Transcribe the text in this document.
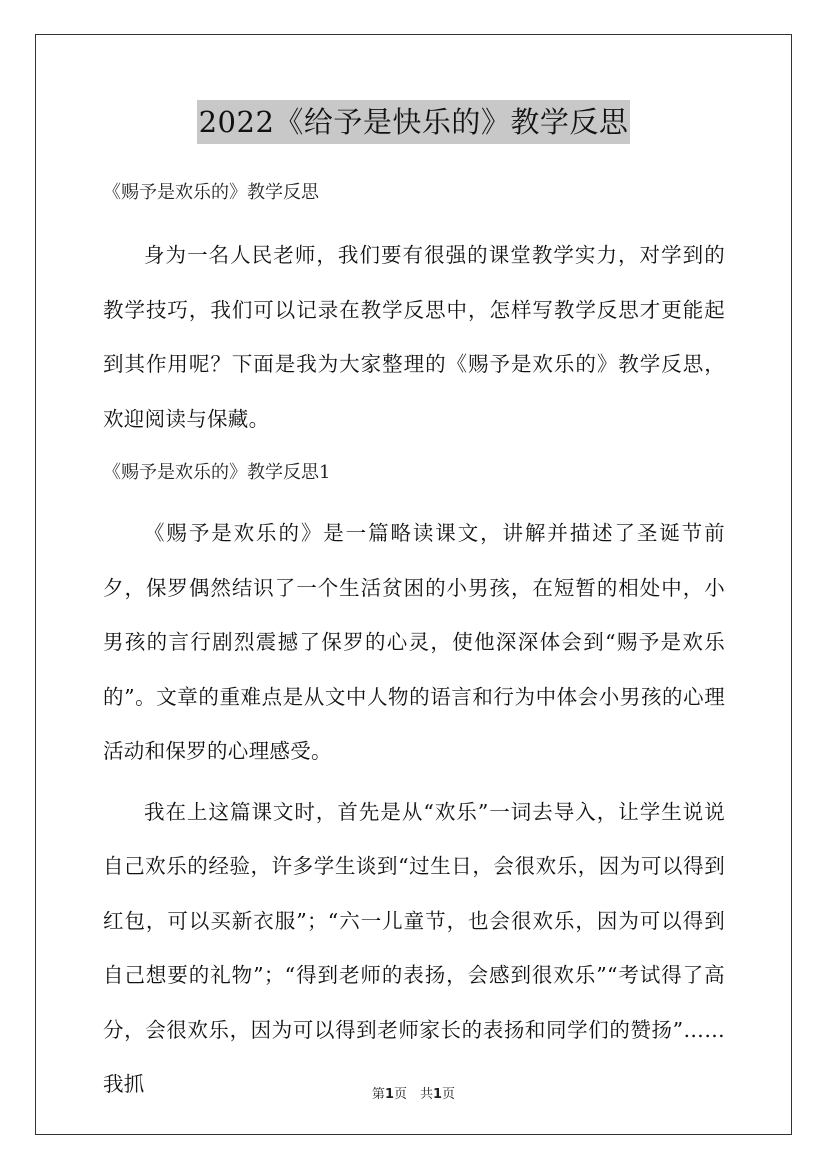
2022《给予是快乐的》教学反思

《赐予是欢乐的》教学反思

身为一名人民老师，我们要有很强的课堂教学实力，对学到的教学技巧，我们可以记录在教学反思中，怎样写教学反思才更能起到其作用呢？下面是我为大家整理的《赐予是欢乐的》教学反思，欢迎阅读与保藏。

《赐予是欢乐的》教学反思1

《赐予是欢乐的》是一篇略读课文，讲解并描述了圣诞节前夕，保罗偶然结识了一个生活贫困的小男孩，在短暂的相处中，小男孩的言行剧烈震撼了保罗的心灵，使他深深体会到“赐予是欢乐的”。文章的重难点是从文中人物的语言和行为中体会小男孩的心理活动和保罗的心理感受。

我在上这篇课文时，首先是从“欢乐”一词去导入，让学生说说自己欢乐的经验，许多学生谈到“过生日，会很欢乐，因为可以得到红包，可以买新衣服”；“六一儿童节，也会很欢乐，因为可以得到自己想要的礼物”；“得到老师的表扬，会感到很欢乐”“考试得了高分，会很欢乐，因为可以得到老师家长的表扬和同学们的赞扬”……我抓	第1页　共1页
